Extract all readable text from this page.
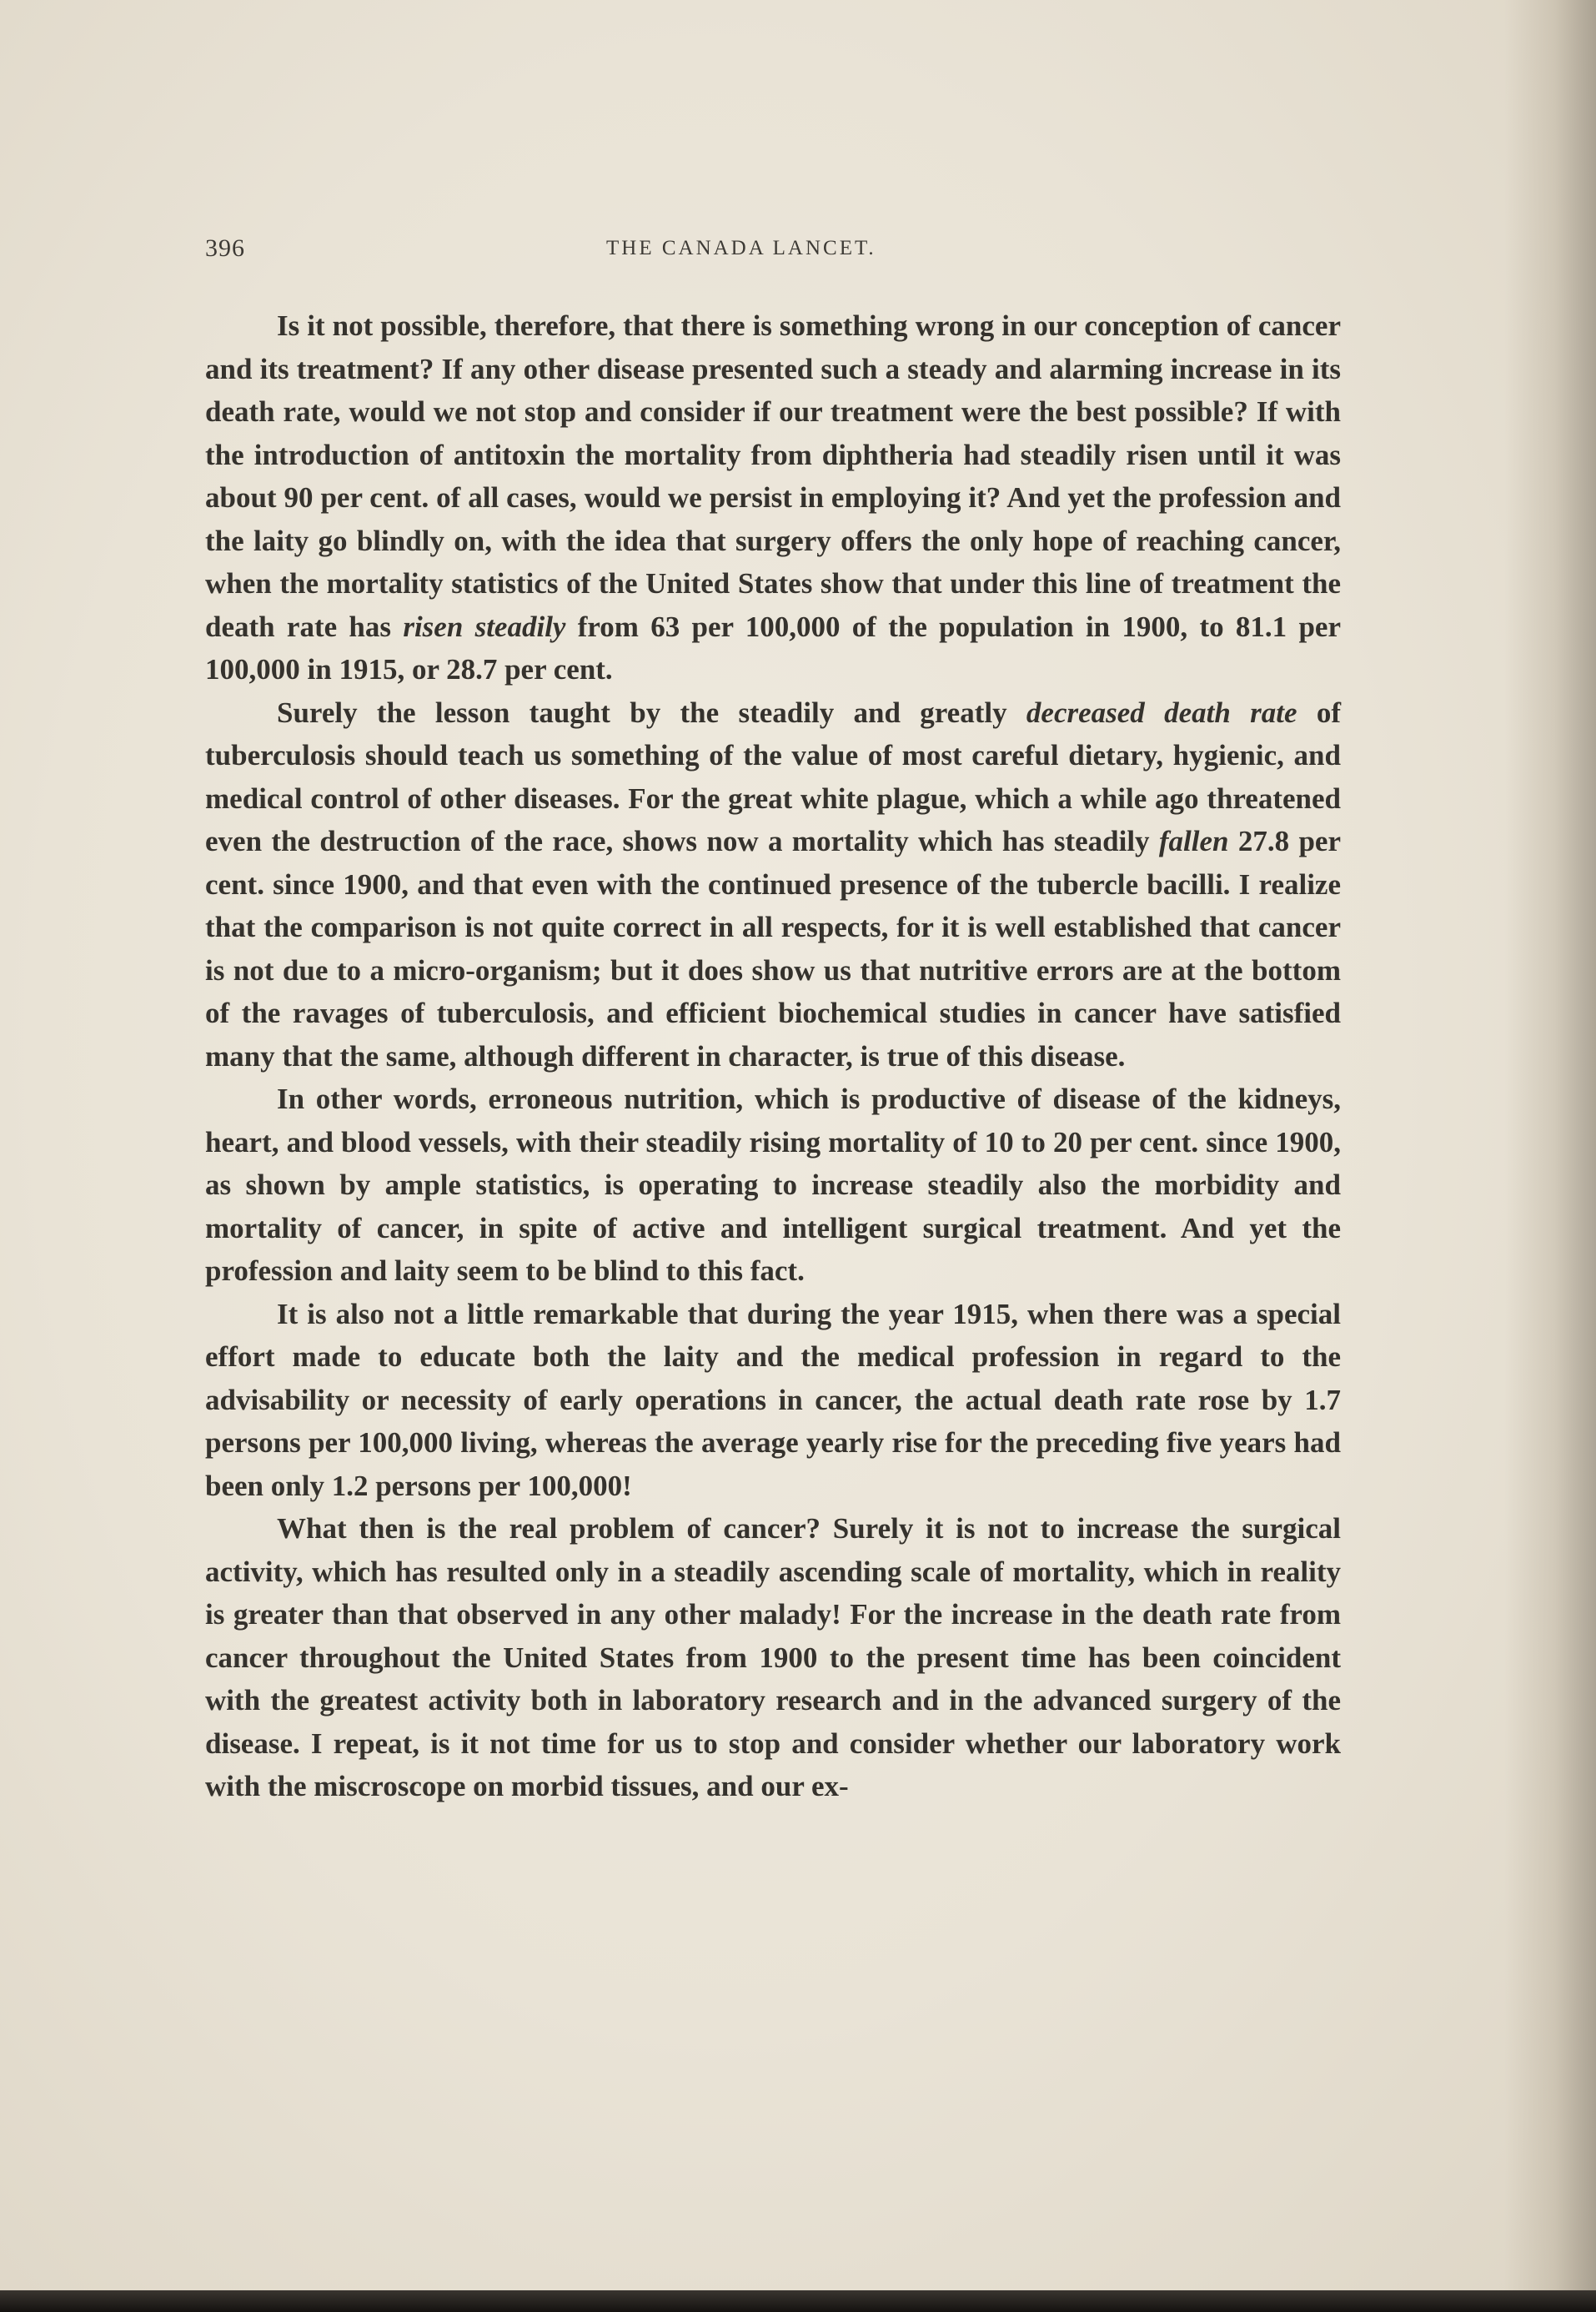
396	THE CANADA LANCET.

Is it not possible, therefore, that there is something wrong in our conception of cancer and its treatment? If any other disease presented such a steady and alarming increase in its death rate, would we not stop and consider if our treatment were the best possible? If with the introduction of antitoxin the mortality from diphtheria had steadily risen until it was about 90 per cent. of all cases, would we persist in employing it? And yet the profession and the laity go blindly on, with the idea that surgery offers the only hope of reaching cancer, when the mortality statistics of the United States show that under this line of treatment the death rate has risen steadily from 63 per 100,000 of the population in 1900, to 81.1 per 100,000 in 1915, or 28.7 per cent.

Surely the lesson taught by the steadily and greatly decreased death rate of tuberculosis should teach us something of the value of most careful dietary, hygienic, and medical control of other diseases. For the great white plague, which a while ago threatened even the destruction of the race, shows now a mortality which has steadily fallen 27.8 per cent. since 1900, and that even with the continued presence of the tubercle bacilli. I realize that the comparison is not quite correct in all respects, for it is well established that cancer is not due to a micro-organism; but it does show us that nutritive errors are at the bottom of the ravages of tuberculosis, and efficient biochemical studies in cancer have satisfied many that the same, although different in character, is true of this disease.

In other words, erroneous nutrition, which is productive of disease of the kidneys, heart, and blood vessels, with their steadily rising mortality of 10 to 20 per cent. since 1900, as shown by ample statistics, is operating to increase steadily also the morbidity and mortality of cancer, in spite of active and intelligent surgical treatment. And yet the profession and laity seem to be blind to this fact.

It is also not a little remarkable that during the year 1915, when there was a special effort made to educate both the laity and the medical profession in regard to the advisability or necessity of early operations in cancer, the actual death rate rose by 1.7 persons per 100,000 living, whereas the average yearly rise for the preceding five years had been only 1.2 persons per 100,000!

What then is the real problem of cancer? Surely it is not to increase the surgical activity, which has resulted only in a steadily ascending scale of mortality, which in reality is greater than that observed in any other malady! For the increase in the death rate from cancer throughout the United States from 1900 to the present time has been coincident with the greatest activity both in laboratory research and in the advanced surgery of the disease. I repeat, is it not time for us to stop and consider whether our laboratory work with the miscroscope on morbid tissues, and our ex-
